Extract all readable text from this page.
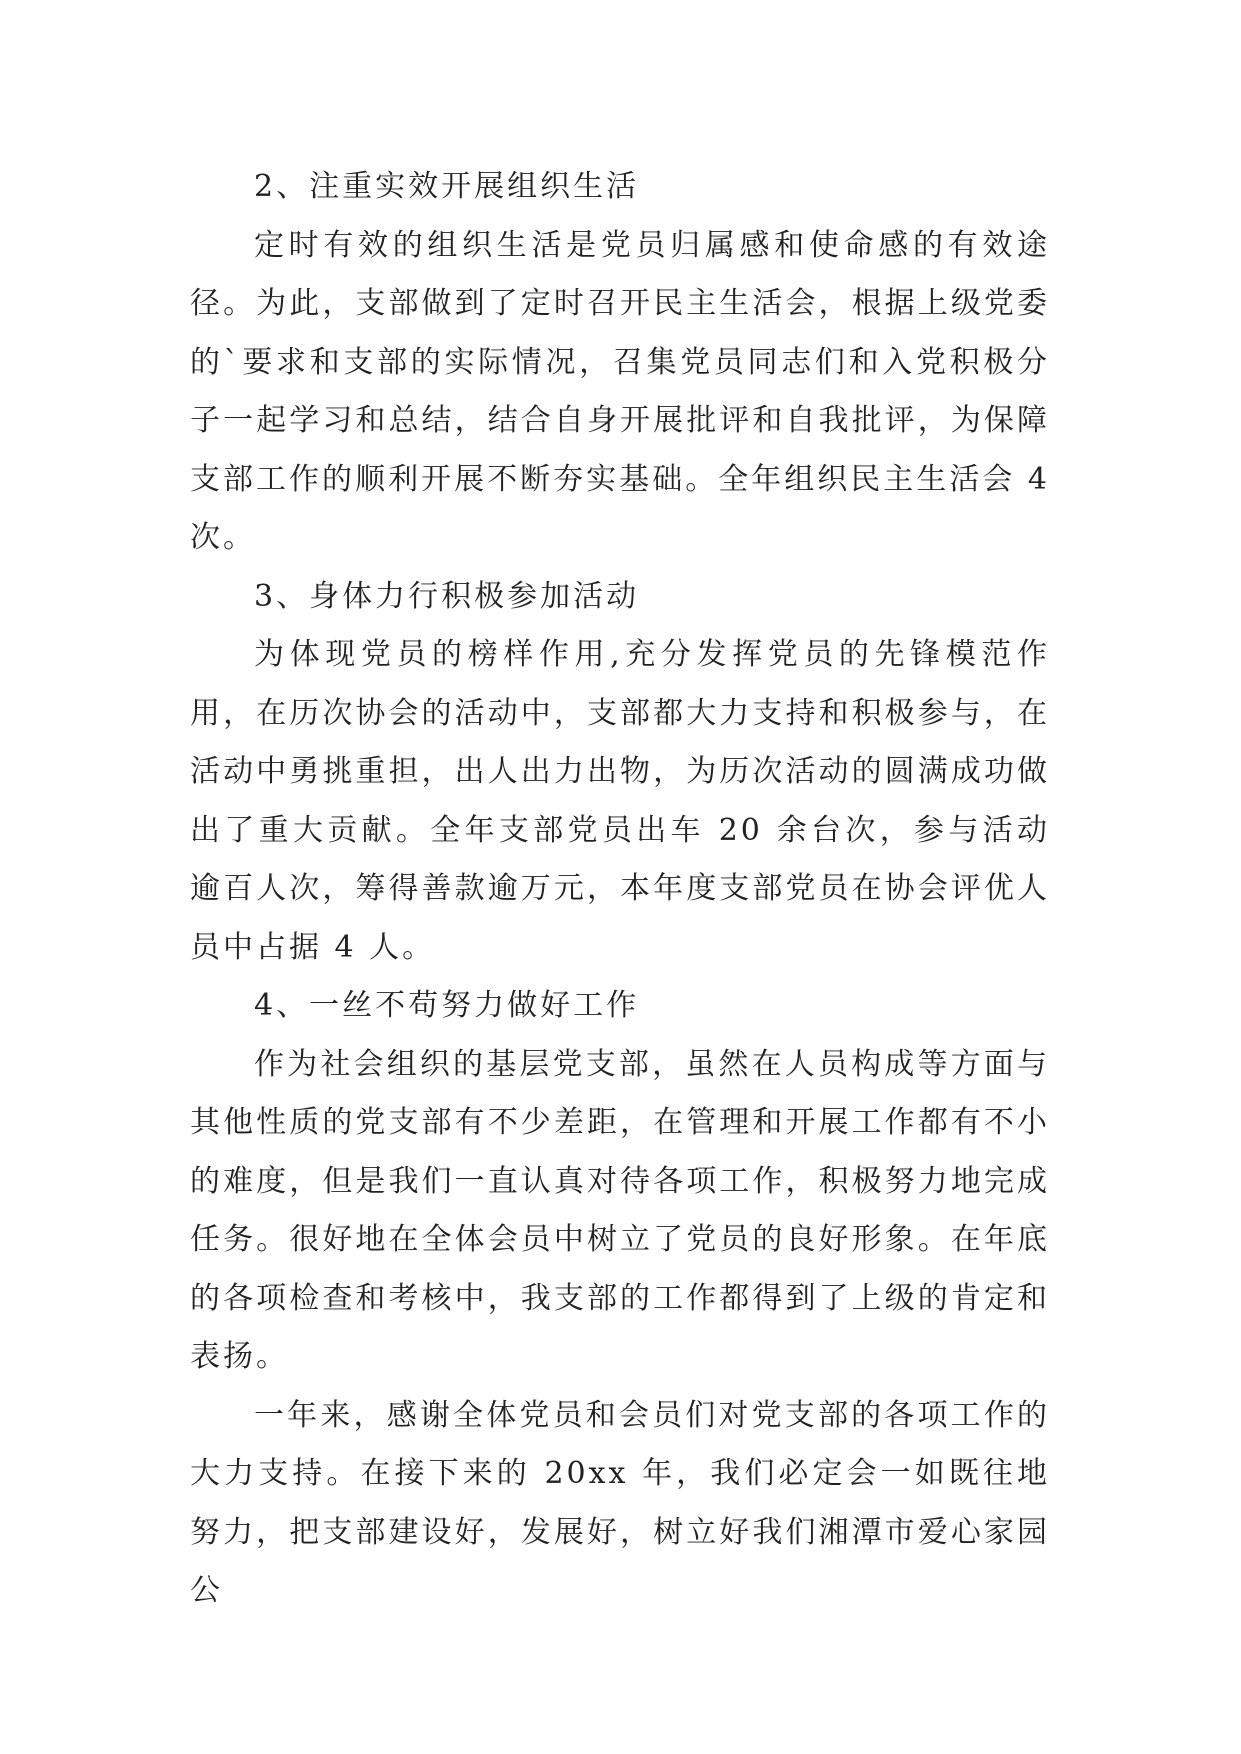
2、注重实效开展组织生活

定时有效的组织生活是党员归属感和使命感的有效途径。为此，支部做到了定时召开民主生活会，根据上级党委的`要求和支部的实际情况，召集党员同志们和入党积极分子一起学习和总结，结合自身开展批评和自我批评，为保障支部工作的顺利开展不断夯实基础。全年组织民主生活会 4 次。

3、身体力行积极参加活动

为体现党员的榜样作用,充分发挥党员的先锋模范作用，在历次协会的活动中，支部都大力支持和积极参与，在活动中勇挑重担，出人出力出物，为历次活动的圆满成功做出了重大贡献。全年支部党员出车 20 余台次，参与活动逾百人次，筹得善款逾万元，本年度支部党员在协会评优人员中占据 4 人。

4、一丝不苟努力做好工作

作为社会组织的基层党支部，虽然在人员构成等方面与其他性质的党支部有不少差距，在管理和开展工作都有不小的难度，但是我们一直认真对待各项工作，积极努力地完成任务。很好地在全体会员中树立了党员的良好形象。在年底的各项检查和考核中，我支部的工作都得到了上级的肯定和表扬。

一年来，感谢全体党员和会员们对党支部的各项工作的大力支持。在接下来的 20xx 年，我们必定会一如既往地努力，把支部建设好，发展好，树立好我们湘潭市爱心家园公
